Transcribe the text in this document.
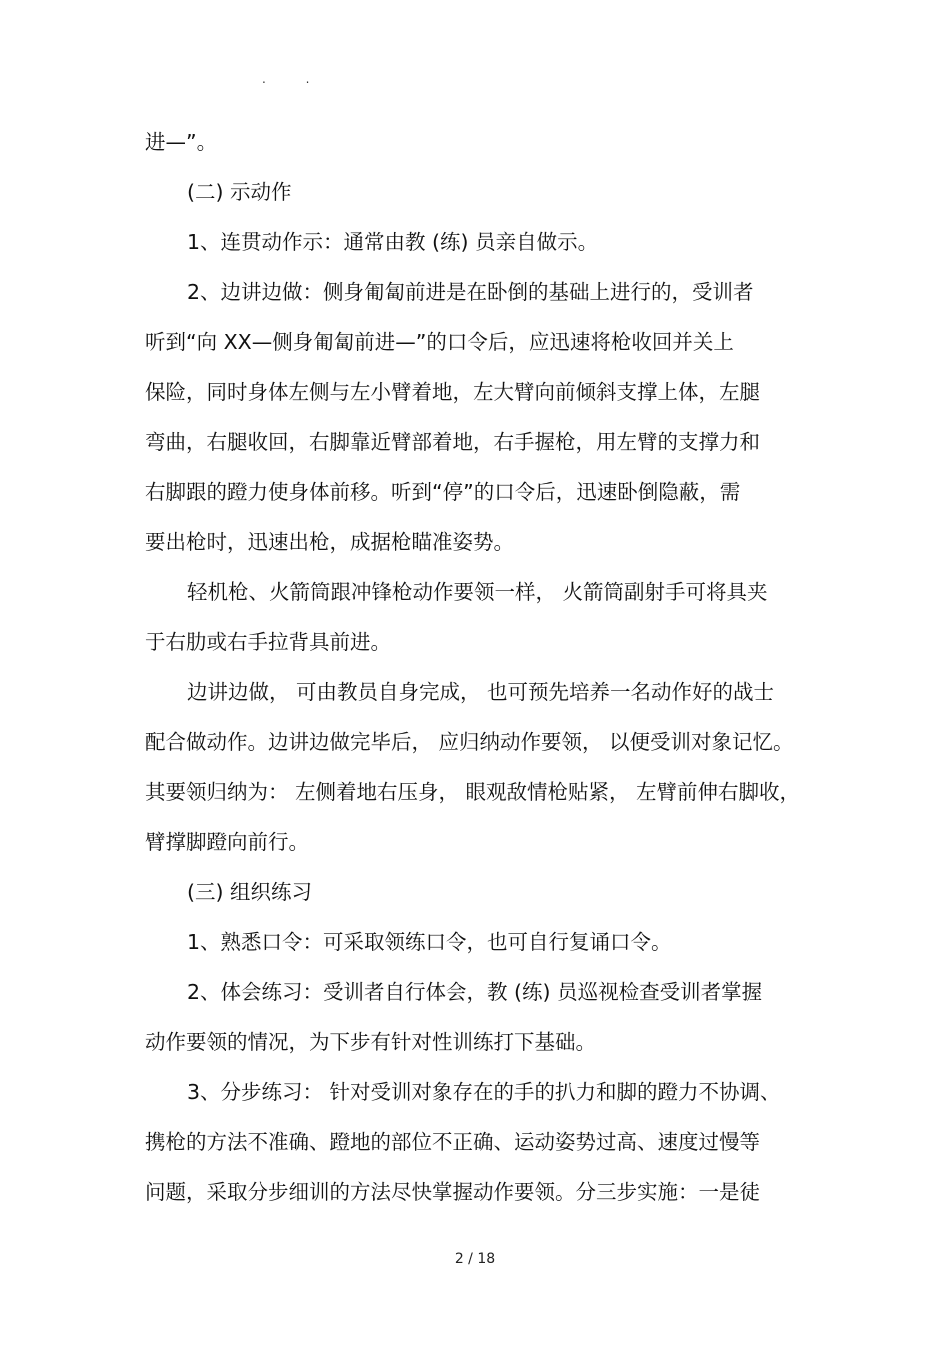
. .
进—”。
(二) 示动作
1、连贯动作示：通常由教 (练) 员亲自做示。
2、边讲边做：侧身匍匐前进是在卧倒的基础上进行的，受训者
听到“向 XX—侧身匍匐前进—”的口令后，应迅速将枪收回并关上
保险，同时身体左侧与左小臂着地，左大臂向前倾斜支撑上体，左腿
弯曲，右腿收回，右脚靠近臂部着地，右手握枪，用左臂的支撑力和
右脚跟的蹬力使身体前移。听到“停”的口令后，迅速卧倒隐蔽，需
要出枪时，迅速出枪，成据枪瞄准姿势。
轻机枪、火箭筒跟冲锋枪动作要领一样， 火箭筒副射手可将具夹
于右肋或右手拉背具前进。
边讲边做， 可由教员自身完成， 也可预先培养一名动作好的战士
配合做动作。边讲边做完毕后， 应归纳动作要领， 以便受训对象记忆。
其要领归纳为： 左侧着地右压身， 眼观敌情枪贴紧， 左臂前伸右脚收，
臂撑脚蹬向前行。
(三) 组织练习
1、熟悉口令：可采取领练口令，也可自行复诵口令。
2、体会练习：受训者自行体会，教 (练) 员巡视检查受训者掌握
动作要领的情况，为下步有针对性训练打下基础。
3、分步练习： 针对受训对象存在的手的扒力和脚的蹬力不协调、
携枪的方法不准确、蹬地的部位不正确、运动姿势过高、速度过慢等
问题，采取分步细训的方法尽快掌握动作要领。分三步实施：一是徒
2 / 18
